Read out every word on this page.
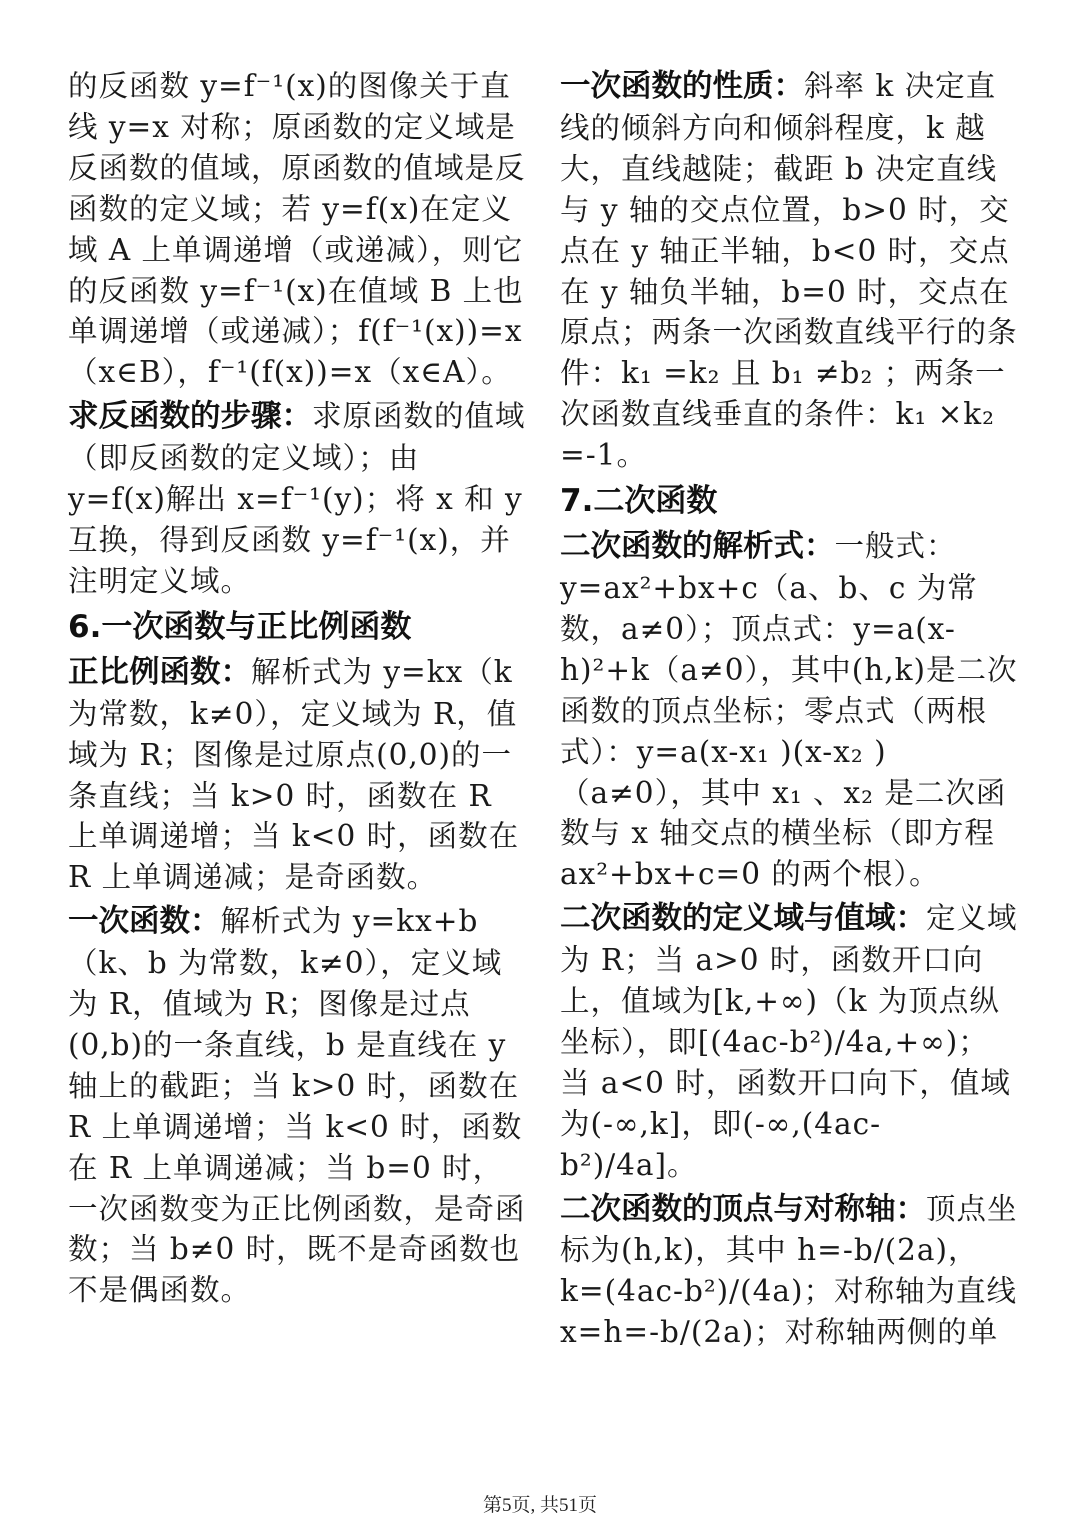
的反函数 y=f⁻¹(x)的图像关于直线 y=x 对称；原函数的定义域是反函数的值域，原函数的值域是反函数的定义域；若 y=f(x)在定义域 A 上单调递增（或递减），则它的反函数 y=f⁻¹(x)在值域 B 上也单调递增（或递减）；f(f⁻¹(x))=x（x∈B），f⁻¹(f(x))=x（x∈A）。

求反函数的步骤：求原函数的值域（即反函数的定义域）；由 y=f(x)解出 x=f⁻¹(y)；将 x 和 y 互换，得到反函数 y=f⁻¹(x)，并注明定义域。

6.一次函数与正比例函数

正比例函数：解析式为 y=kx（k 为常数，k≠0），定义域为 R，值域为 R；图像是过原点(0,0)的一条直线；当 k>0 时，函数在 R 上单调递增；当 k<0 时，函数在 R 上单调递减；是奇函数。

一次函数：解析式为 y=kx+b（k、b 为常数，k≠0），定义域为 R，值域为 R；图像是过点(0,b)的一条直线，b 是直线在 y 轴上的截距；当 k>0 时，函数在 R 上单调递增；当 k<0 时，函数在 R 上单调递减；当 b=0 时，一次函数变为正比例函数，是奇函数；当 b≠0 时，既不是奇函数也不是偶函数。

一次函数的性质：斜率 k 决定直线的倾斜方向和倾斜程度，k 越大，直线越陡；截距 b 决定直线与 y 轴的交点位置，b>0 时，交点在 y 轴正半轴，b<0 时，交点在 y 轴负半轴，b=0 时，交点在原点；两条一次函数直线平行的条件：k₁ =k₂ 且 b₁ ≠b₂ ；两条一次函数直线垂直的条件：k₁ ×k₂ =-1。

7.二次函数

二次函数的解析式：一般式：y=ax²+bx+c（a、b、c 为常数，a≠0）；顶点式：y=a(x-h)²+k（a≠0），其中(h,k)是二次函数的顶点坐标；零点式（两根式）：y=a(x-x₁ )(x-x₂ )（a≠0），其中 x₁ 、x₂ 是二次函数与 x 轴交点的横坐标（即方程 ax²+bx+c=0 的两个根）。

二次函数的定义域与值域：定义域为 R；当 a>0 时，函数开口向上，值域为[k,+∞)（k 为顶点纵坐标），即[(4ac-b²)/4a,+∞)；当 a<0 时，函数开口向下，值域为(-∞,k]，即(-∞,(4ac-b²)/4a]。

二次函数的顶点与对称轴：顶点坐标为(h,k)，其中 h=-b/(2a)，k=(4ac-b²)/(4a)；对称轴为直线 x=h=-b/(2a)；对称轴两侧的单

第5页, 共51页
